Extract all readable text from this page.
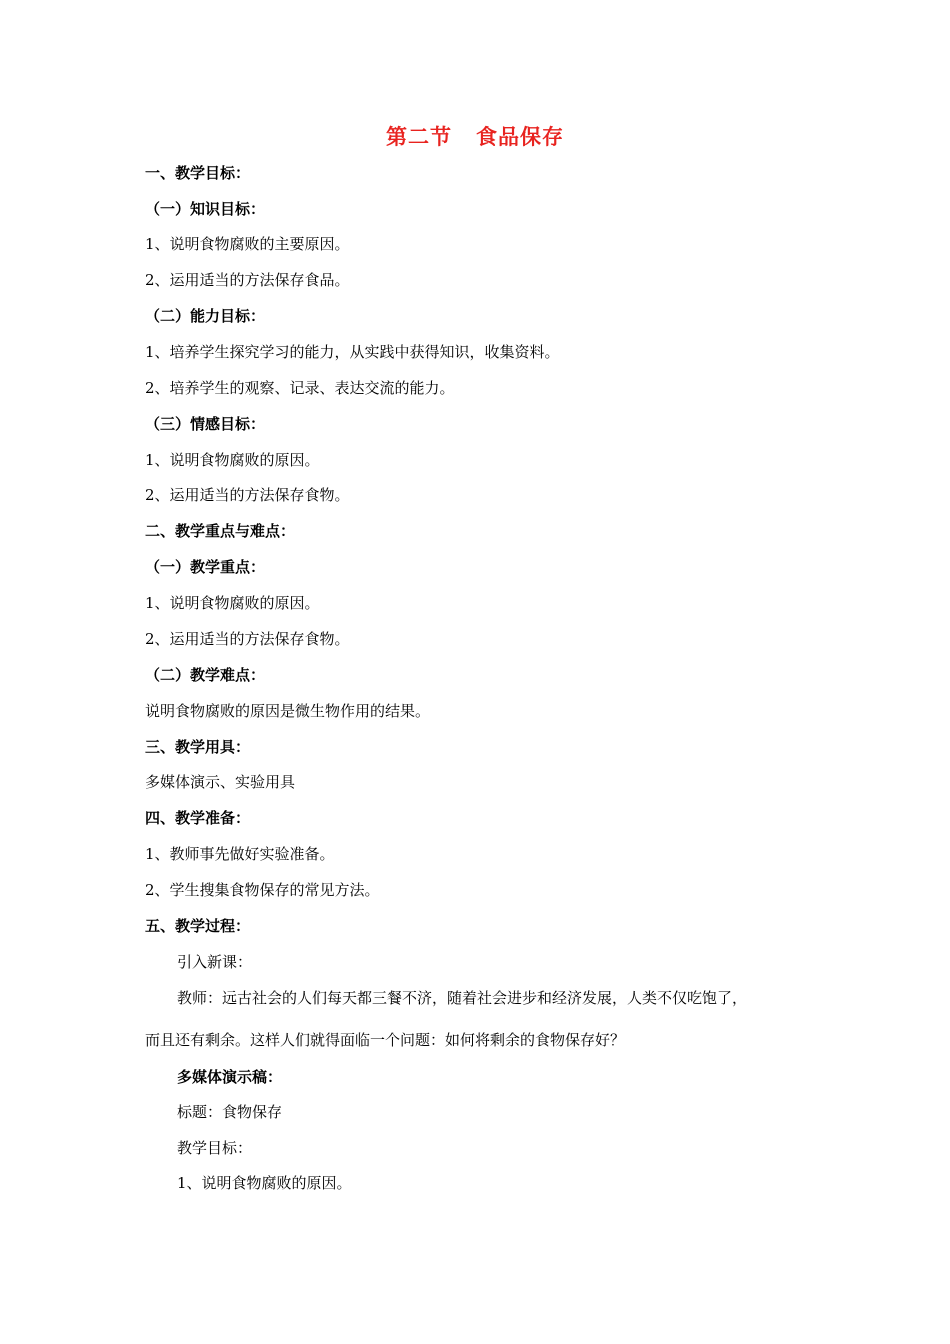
第二节 食品保存
一、教学目标：
（一）知识目标：
1、说明食物腐败的主要原因。
2、运用适当的方法保存食品。
（二）能力目标：
1、培养学生探究学习的能力，从实践中获得知识，收集资料。
2、培养学生的观察、记录、表达交流的能力。
（三）情感目标：
1、说明食物腐败的原因。
2、运用适当的方法保存食物。
二、教学重点与难点：
（一）教学重点：
1、说明食物腐败的原因。
2、运用适当的方法保存食物。
（二）教学难点：
说明食物腐败的原因是微生物作用的结果。
三、教学用具：
多媒体演示、实验用具
四、教学准备：
1、教师事先做好实验准备。
2、学生搜集食物保存的常见方法。
五、教学过程：
引入新课：
教师：远古社会的人们每天都三餐不济，随着社会进步和经济发展，人类不仅吃饱了，
而且还有剩余。这样人们就得面临一个问题：如何将剩余的食物保存好？
多媒体演示稿：
标题：食物保存
教学目标：
1、说明食物腐败的原因。
